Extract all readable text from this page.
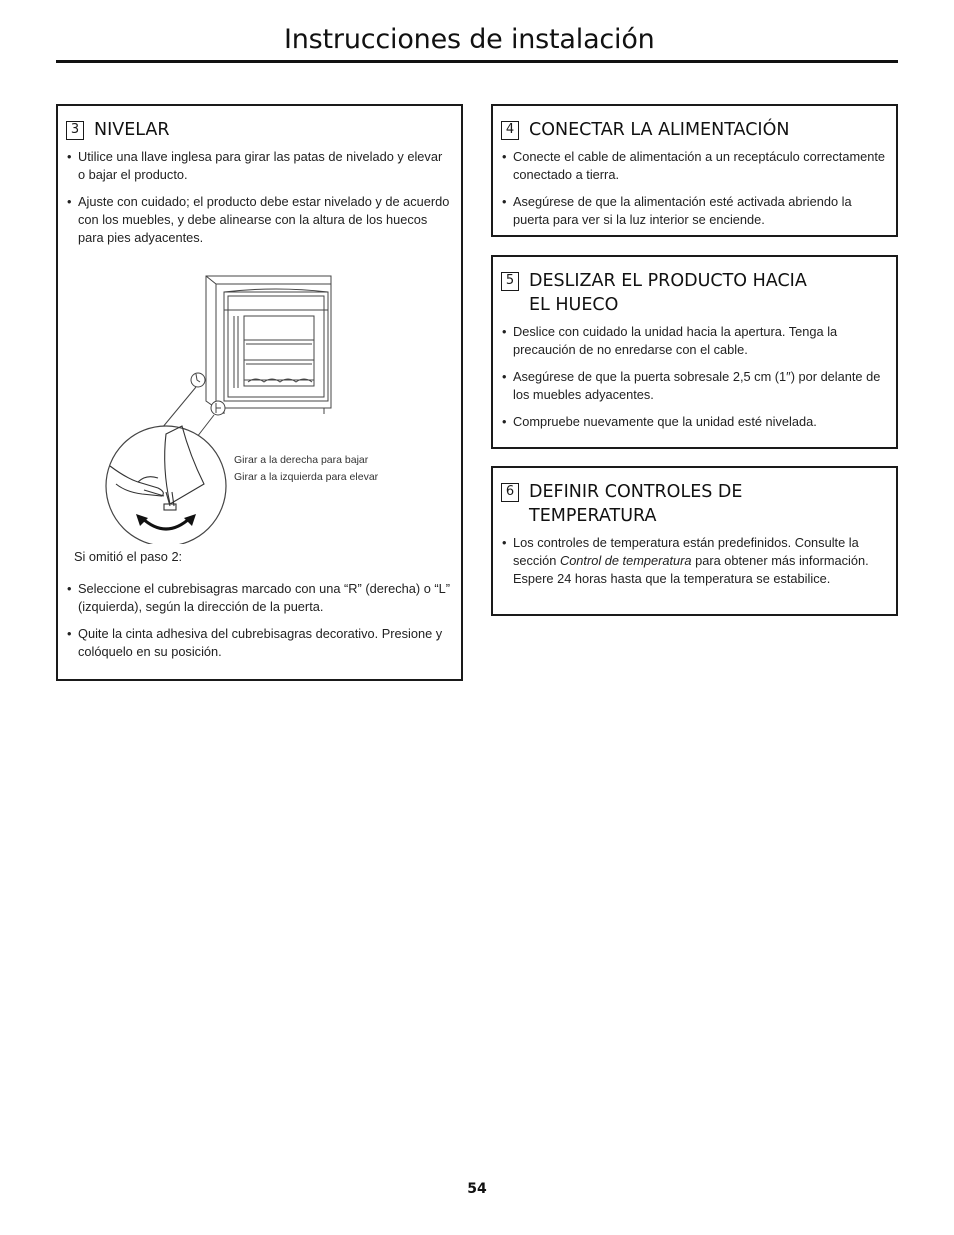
Instrucciones de instalación
3 NIVELAR
• Utilice una llave inglesa para girar las patas de nivelado y elevar o bajar el producto.
• Ajuste con cuidado; el producto debe estar nivelado y de acuerdo con los muebles, y debe alinearse con la altura de los huecos para pies adyacentes.
Girar a la derecha para bajar
Girar a la izquierda para elevar

Si omitió el paso 2:

• Seleccione el cubrebisagras marcado con una “R” (derecha) o “L” (izquierda), según la dirección de la puerta.
• Quite la cinta adhesiva del cubrebisagras decorativo. Presione y colóquelo en su posición.
4 CONECTAR LA ALIMENTACIÓN
• Conecte el cable de alimentación a un receptáculo correctamente conectado a tierra.
• Asegúrese de que la alimentación esté activada abriendo la puerta para ver si la luz interior se enciende.
5 DESLIZAR EL PRODUCTO HACIA
EL HUECO
• Deslice con cuidado la unidad hacia la apertura. Tenga la precaución de no enredarse con el cable.
• Asegúrese de que la puerta sobresale 2,5 cm (1″) por delante de los muebles adyacentes.
• Compruebe nuevamente que la unidad esté nivelada.
6 DEFINIR CONTROLES DE
TEMPERATURA
• Los controles de temperatura están predefinidos. Consulte la sección Control de temperatura para obtener más información. Espere 24 horas hasta que la temperatura se estabilice.
54
